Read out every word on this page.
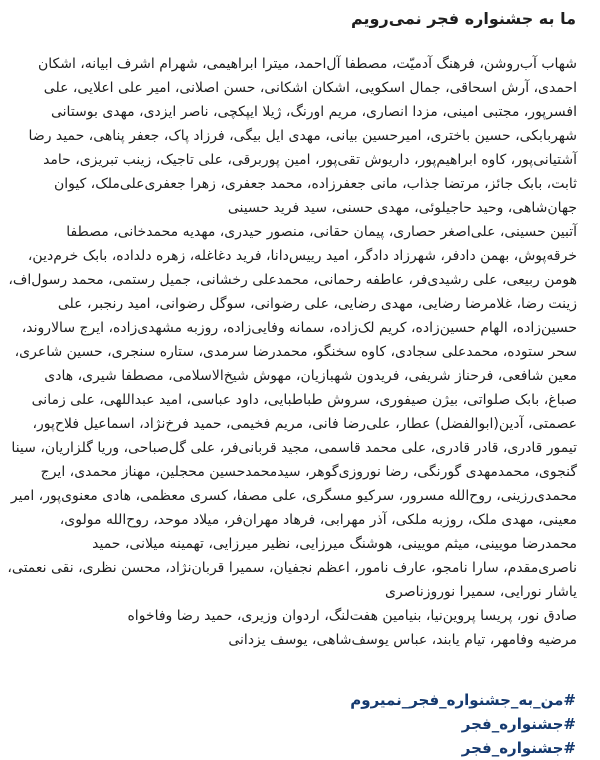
ما به جشنواره فجر نمی‌رویم
شهاب آب‌روشن، فرهنگ آدمیّت، مصطفا آل‌احمد، میترا ابراهیمی، شهرام اشرف ابیانه، اشکان
احمدی، آرش اسحاقی، جمال اسکویی، اشکان اشکانی، حسن اصلانی، امیر علی اعلایی، علی
افسرپور، مجتبی امینی، مزدا انصاری، مریم اورنگ، ژیلا ایپکچی، ناصر ایزدی، مهدی بوستانی
شهربابکی، حسین باختری، امیرحسین بیانی، مهدی ایل بیگی، فرزاد پاک، جعفر پناهی، حمید رضا
آشتیانی‌پور، کاوه ابراهیم‌پور، داریوش تقی‌پور، امین پوربرقی، علی تاجیک، زینب تبریزی، حامد
ثابت، بابک جائز، مرتضا جذاب، مانی جعفرزاده، محمد جعفری، زهرا جعفری‌علی‌ملک، کیوان
جهان‌شاهی، وحید حاجیلوئی، مهدی حسنی، سید فرید حسینی
آتبین حسینی، علی‌اصغر حصاری، پیمان حقانی، منصور حیدری، مهدیه محمدخانی، مصطفا
خرقه‌پوش، بهمن دادفر، شهرزاد دادگر، امید رییس‌دانا، فرید دغاغله، زهره دلداده، بابک خرم‌دین،
هومن ربیعی، علی رشیدی‌فر، عاطفه رحمانی، محمدعلی رخشانی، جمیل رستمی، محمد رسول‌اف،
زینت رضا، غلامرضا رضایی، مهدی رضایی، علی رضوانی، سوگل رضوانی، امید رنجبر، علی
حسین‌زاده، الهام حسین‌زاده، کریم لک‌زاده، سمانه وفایی‌زاده، روزبه مشهدی‌زاده، ایرج سالاروند،
سحر ستوده، محمدعلی سجادی، کاوه سخنگو، محمدرضا سرمدی، ستاره سنجری، حسین شاعری،
معین شافعی، فرحناز شریفی، فریدون شهبازیان، مهوش شیخ‌الاسلامی، مصطفا شیری، هادی
صباغ، بابک صلواتی، بیژن صیفوری، سروش طباطبایی، داود عباسی، امید عبداللهی، علی زمانی
عصمتی، آدین(ابوالفضل) عطار، علی‌رضا فانی، مریم فخیمی، حمید فرخ‌نژاد، اسماعیل فلاح‌پور،
تیمور قادری، قادر قادری، علی محمد قاسمی، مجید قربانی‌فر، علی گل‌صباحی، وریا گلزاریان، سینا
گنجوی، محمدمهدی گورنگی، رضا نوروزی‌گوهر، سیدمحمدحسین محجلین، مهناز محمدی، ایرج
محمدی‌رزینی، روح‌الله مسرور، سرکیو مسگری، علی مصفا، کسری معظمی، هادی معنوی‌پور، امیر
معینی، مهدی ملک، روزبه ملکی، آذر مهرابی، فرهاد مهران‌فر، میلاد موحد، روح‌الله مولوی،
محمدرضا مویینی، میثم مویینی، هوشنگ میرزایی، نظیر میرزایی، تهمینه میلانی، حمید
ناصری‌مقدم، سارا نامجو، عارف نامور، اعظم نجفیان، سمیرا قربان‌نژاد، محسن نظری، نقی نعمتی،
یاشار نورایی، سمیرا نوروزناصری
صادق نور، پریسا پروین‌نیا، بنیامین هفت‌لنگ، اردوان وزیری، حمید رضا وفاخواه
مرضیه وفامهر، تیام یابند، عباس یوسف‌شاهی، یوسف یزدانی
#من_به_جشنواره_فجر_نمیروم
#جشنواره_فجر
#جشنواره_فجر
